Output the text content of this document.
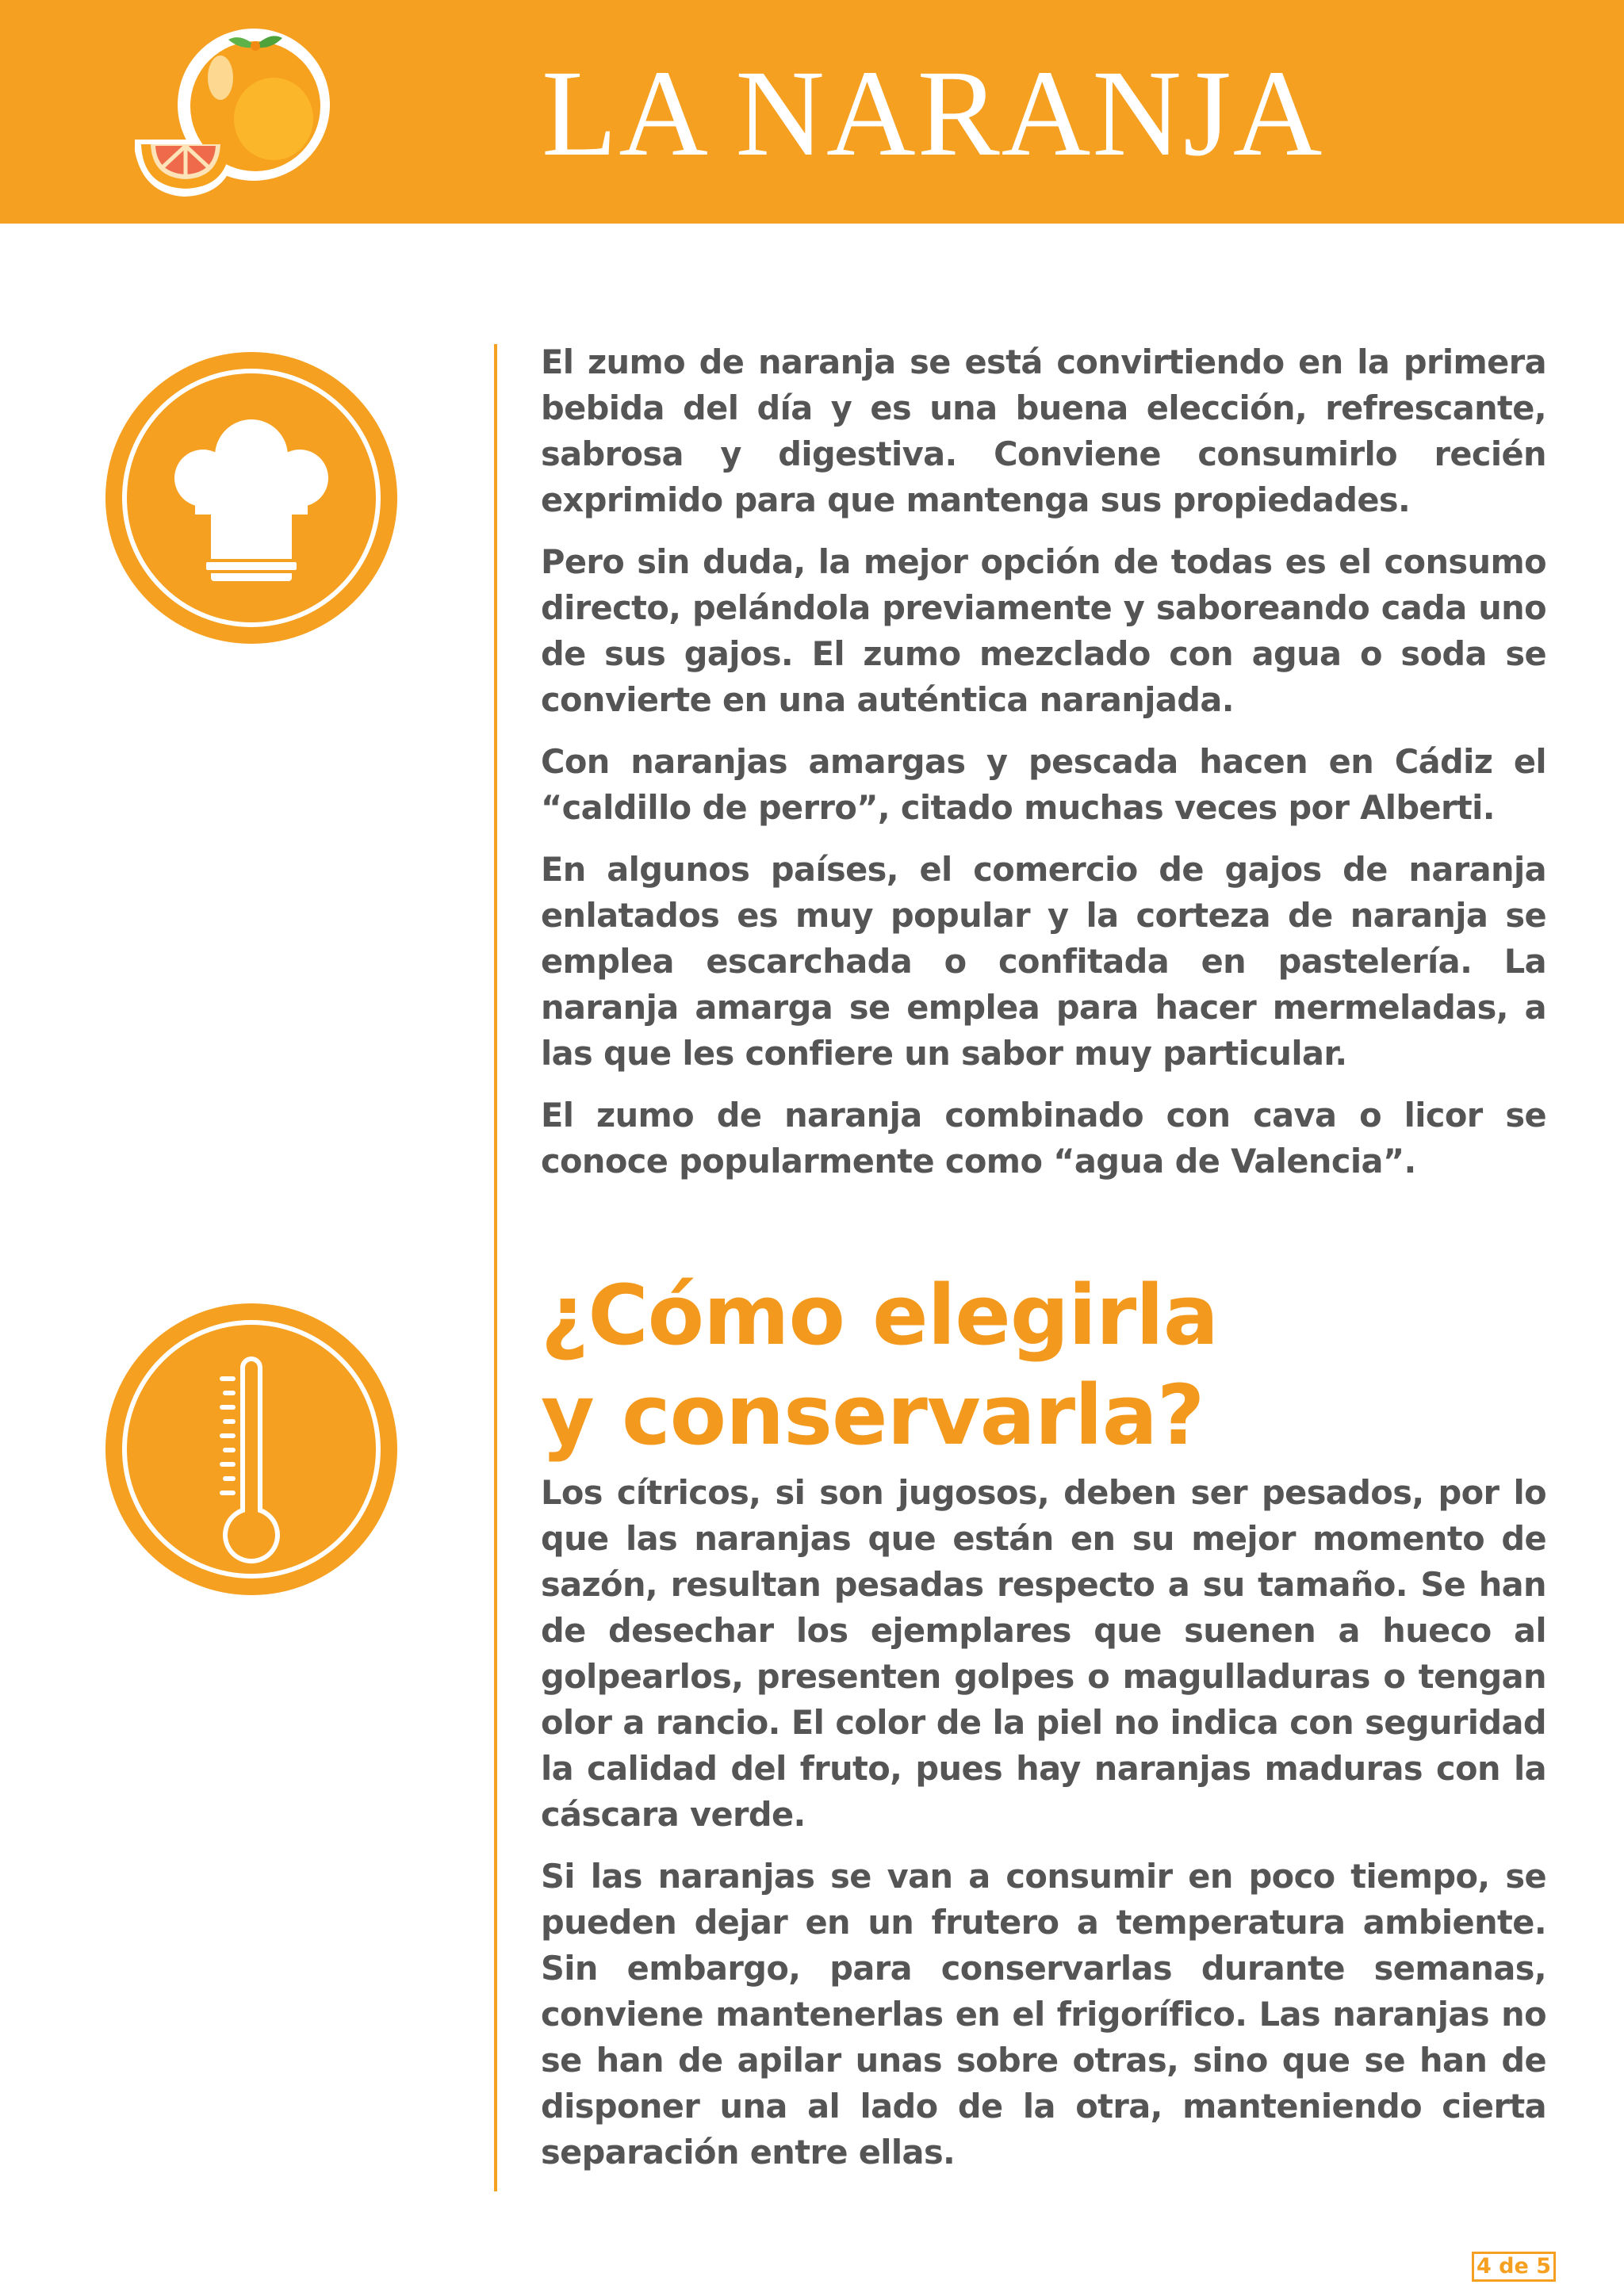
LA NARANJA

El zumo de naranja se está convirtiendo en la primera bebida del día y es una buena elección, refrescante, sabrosa y digestiva. Conviene consumirlo recién exprimido para que mantenga sus propiedades.

Pero sin duda, la mejor opción de todas es el consumo directo, pelándola previamente y saboreando cada uno de sus gajos. El zumo mezclado con agua o soda se convierte en una auténtica naranjada.

Con naranjas amargas y pescada hacen en Cádiz el “caldillo de perro”, citado muchas veces por Alberti.

En algunos países, el comercio de gajos de naranja enlatados es muy popular y la corteza de naranja se emplea escarchada o confitada en pastelería. La naranja amarga se emplea para hacer mermeladas, a las que les confiere un sabor muy particular.

El zumo de naranja combinado con cava o licor se conoce popularmente como “agua de Valencia”.

¿Cómo elegirla
y conservarla?

Los cítricos, si son jugosos, deben ser pesados, por lo que las naranjas que están en su mejor momento de sazón, resultan pesadas respecto a su tamaño. Se han de desechar los ejemplares que suenen a hueco al golpearlos, presenten golpes o magulladuras o tengan olor a rancio. El color de la piel no indica con seguridad la calidad del fruto, pues hay naranjas maduras con la cáscara verde.

Si las naranjas se van a consumir en poco tiempo, se pueden dejar en un frutero a temperatura ambiente. Sin embargo, para conservarlas durante semanas, conviene mantenerlas en el frigorífico. Las naranjas no se han de apilar unas sobre otras, sino que se han de disponer una al lado de la otra, manteniendo cierta separación entre ellas.

4 de 5
